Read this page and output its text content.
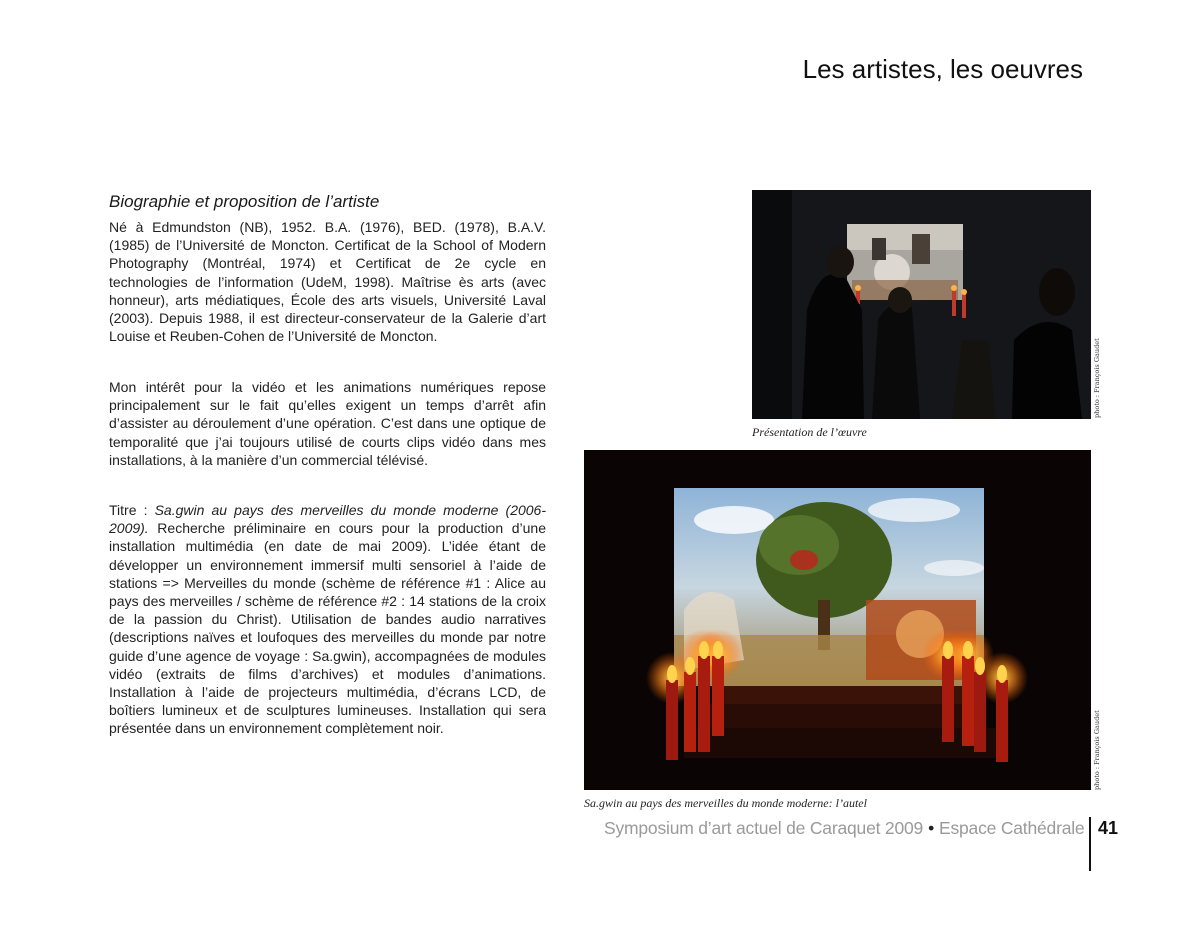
Les artistes, les oeuvres
Biographie et proposition de l’artiste
Né à Edmundston (NB), 1952. B.A. (1976), BED. (1978), B.A.V. (1985) de l’Université de Moncton. Certificat de la School of Modern Photography (Montréal, 1974) et Certificat de 2e cycle en technologies de l’information (UdeM, 1998). Maîtrise ès arts (avec honneur), arts médiatiques, École des arts visuels, Université Laval (2003). Depuis 1988, il est directeur-conservateur de la Galerie d’art Louise et Reuben-Cohen de l’Université de Moncton.
Mon intérêt pour la vidéo et les animations numériques repose principalement sur le fait qu’elles exigent un temps d’arrêt afin d’assister au déroulement d’une opération. C’est dans une optique de temporalité que j’ai toujours utilisé de courts clips vidéo dans mes installations, à la manière d’un commercial télévisé.
Titre : Sa.gwin au pays des merveilles du monde moderne (2006-2009). Recherche préliminaire en cours pour la production d’une installation multimédia (en date de mai 2009). L’idée étant de développer un environnement immersif multi sensoriel à l’aide de stations => Merveilles du monde (schème de référence #1 : Alice au pays des merveilles / schème de référence #2 : 14 stations de la croix de la passion du Christ). Utilisation de bandes audio narratives (descriptions naïves et loufoques des merveilles du monde par notre guide d’une agence de voyage : Sa.gwin), accompagnées de modules vidéo (extraits de films d’archives) et modules d’animations. Installation à l’aide de projecteurs multimédia, d’écrans LCD, de boîtiers lumineux et de sculptures lumineuses. Installation qui sera présentée dans un environnement complètement noir.
photo : François Gaudet
Présentation de l’œuvre
photo : François Gaudet
Sa.gwin au pays des merveilles du monde moderne: l’autel
Symposium d’art actuel de Caraquet 2009 • Espace Cathédrale 41
